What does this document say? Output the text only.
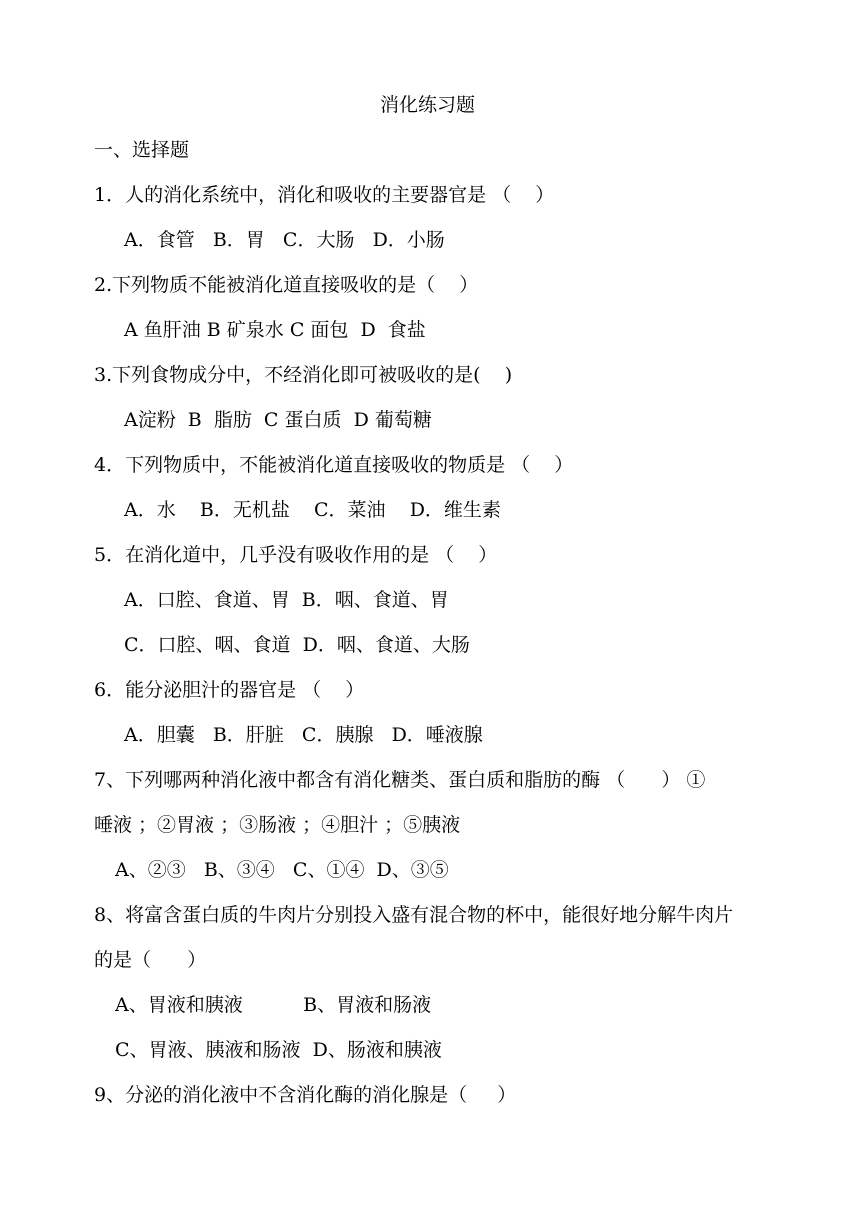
消化练习题
一、选择题
1．人的消化系统中，消化和吸收的主要器官是 （    ）
A．食管   B．胃   C．大肠   D．小肠
2.下列物质不能被消化道直接吸收的是（    ）
A 鱼肝油 B 矿泉水 C 面包  D  食盐
3.下列食物成分中，不经消化即可被吸收的是(    )
A淀粉  B  脂肪  C 蛋白质  D 葡萄糖
4．下列物质中，不能被消化道直接吸收的物质是 （    ）
A．水    B．无机盐    C．菜油    D．维生素
5．在消化道中，几乎没有吸收作用的是 （    ）
A．口腔、食道、胃  B．咽、食道、胃
C．口腔、咽、食道  D．咽、食道、大肠
6．能分泌胆汁的器官是 （    ）
A．胆囊   B．肝脏   C．胰腺   D．唾液腺
7、下列哪两种消化液中都含有消化糖类、蛋白质和脂肪的酶 （      ） ①
唾液 ；②胃液 ；③肠液 ；④胆汁 ；⑤胰液
A、②③   B、③④   C、①④  D、③⑤
8、将富含蛋白质的牛肉片分别投入盛有混合物的杯中，能很好地分解牛肉片
的是（      ）
A、胃液和胰液          B、胃液和肠液
C、胃液、胰液和肠液  D、肠液和胰液
9、分泌的消化液中不含消化酶的消化腺是（     ）
